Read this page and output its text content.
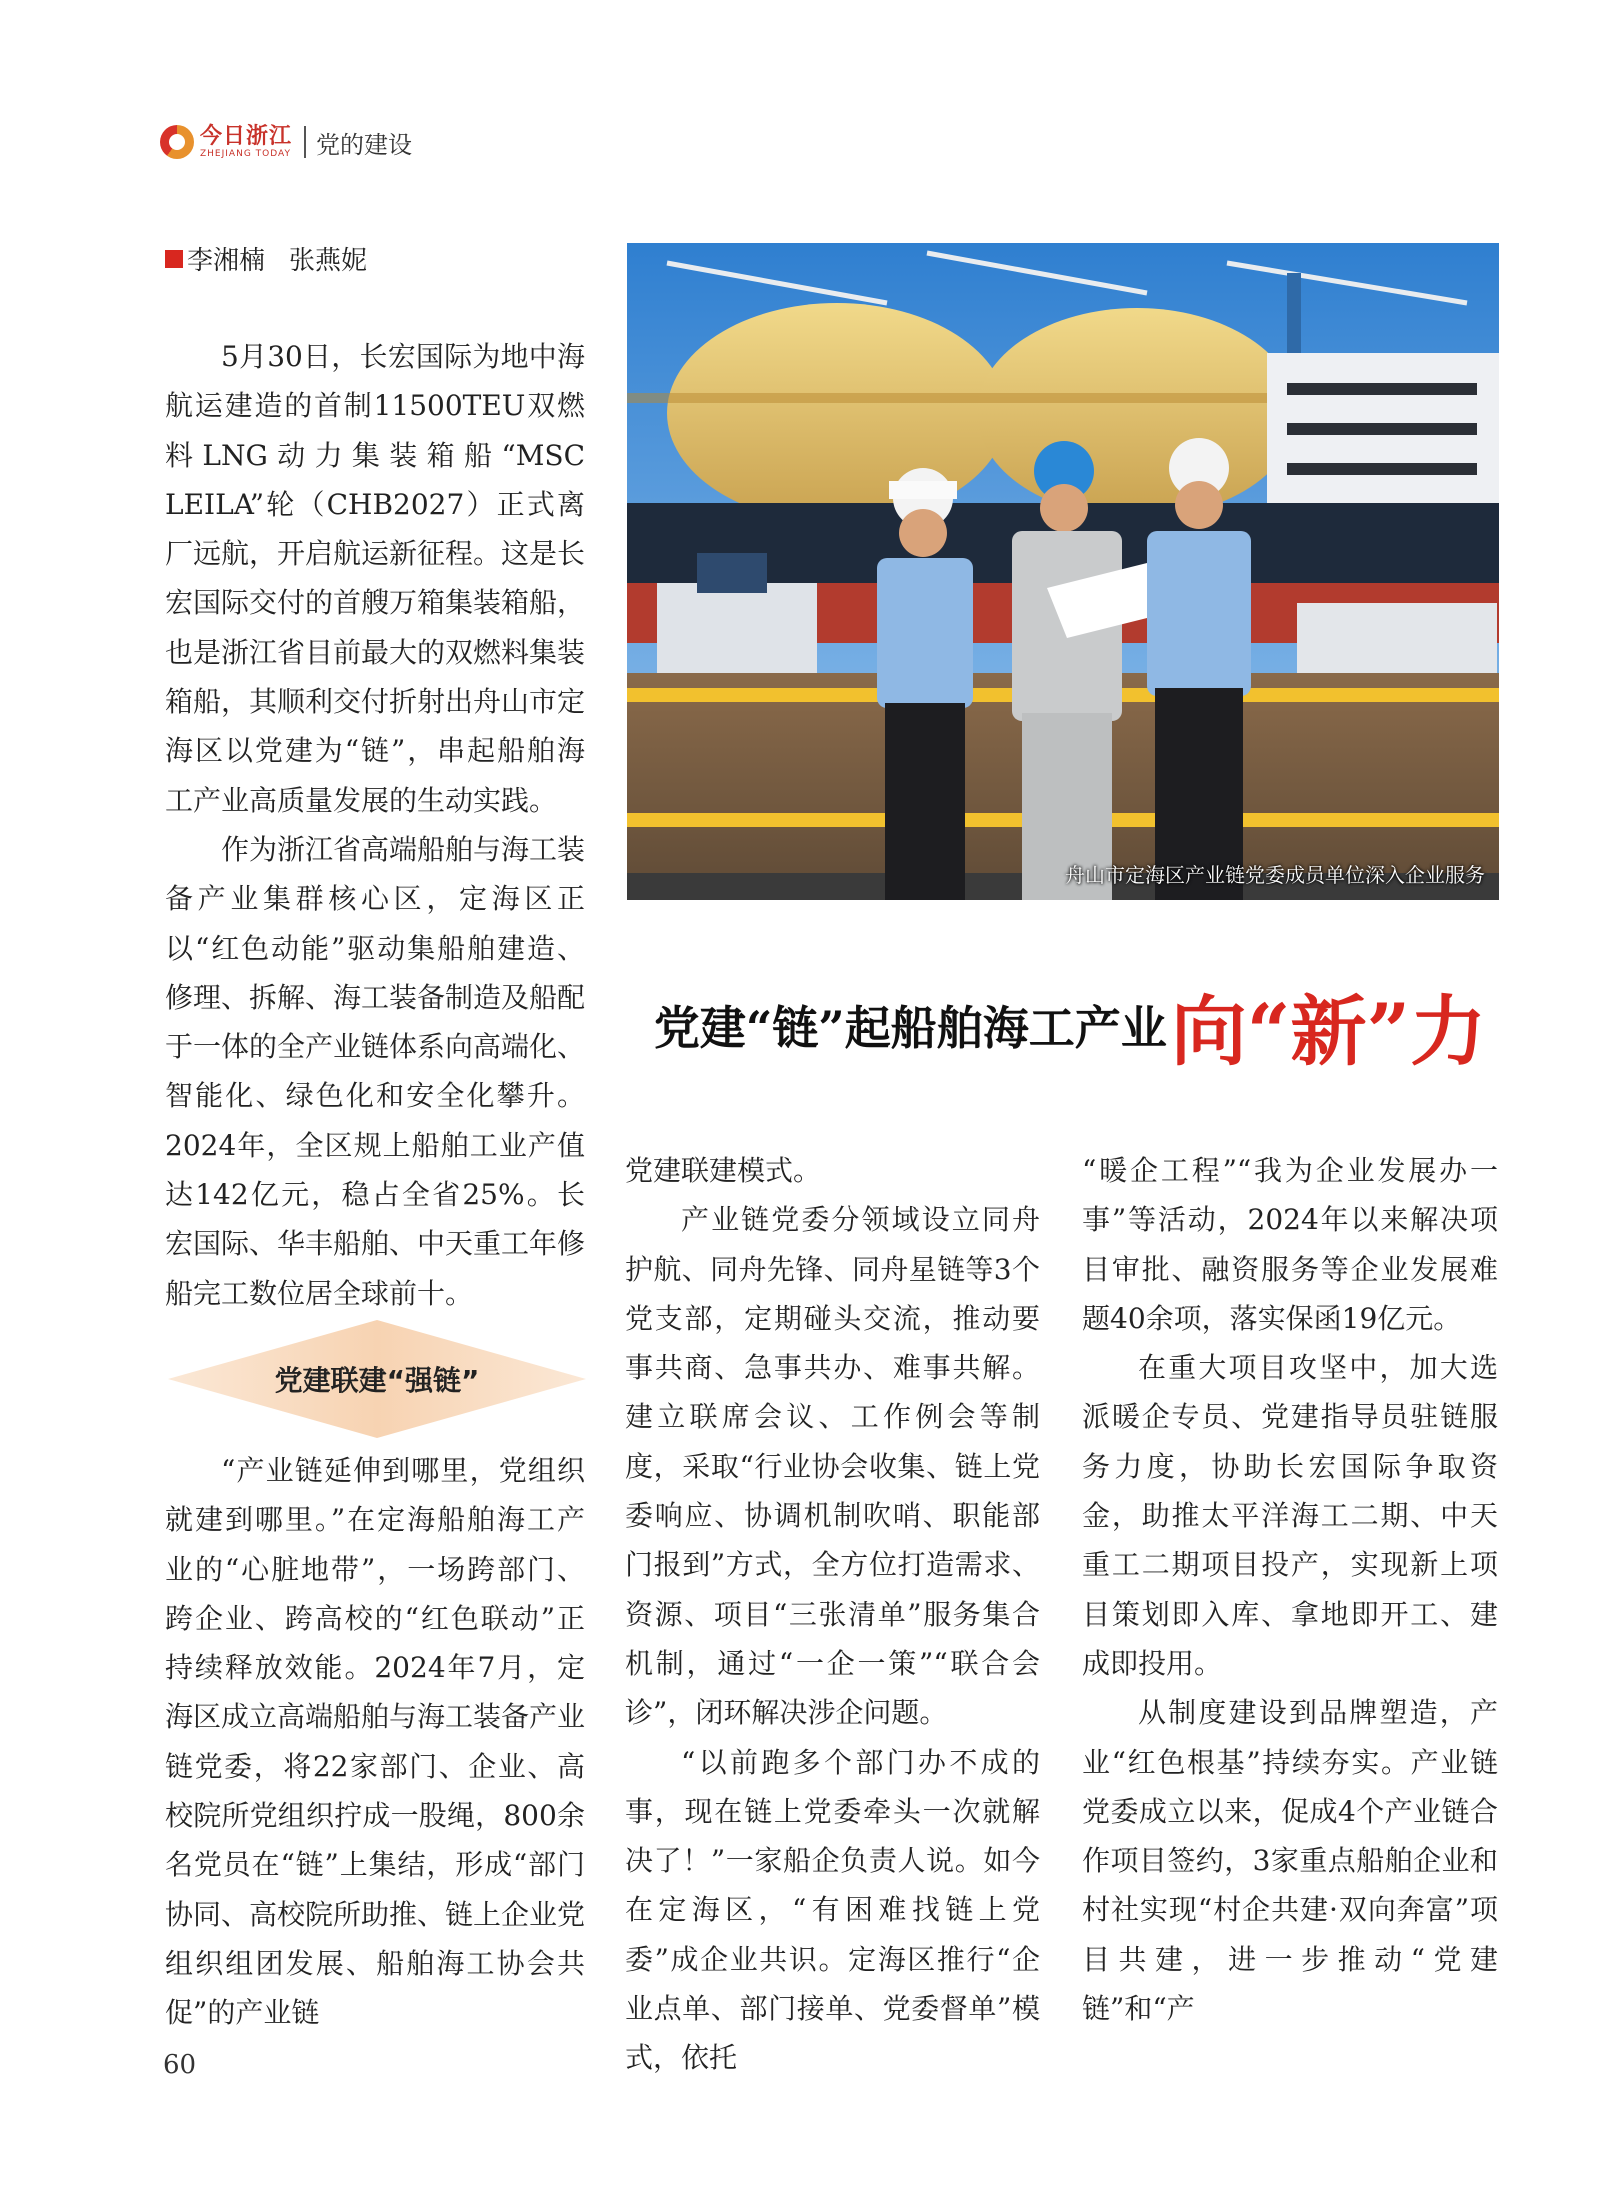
今日浙江
ZHEJIANG TODAY 党的建设
李湘楠 张燕妮

5月30日，长宏国际为地中海航运建造的首制11500TEU双燃料LNG动力集装箱船“MSC LEILA”轮（CHB2027）正式离厂远航，开启航运新征程。这是长宏国际交付的首艘万箱集装箱船，也是浙江省目前最大的双燃料集装箱船，其顺利交付折射出舟山市定海区以党建为“链”，串起船舶海工产业高质量发展的生动实践。

作为浙江省高端船舶与海工装备产业集群核心区，定海区正以“红色动能”驱动集船舶建造、修理、拆解、海工装备制造及船配于一体的全产业链体系向高端化、智能化、绿色化和安全化攀升。2024年，全区规上船舶工业产值达142亿元，稳占全省25%。长宏国际、华丰船舶、中天重工年修船完工数位居全球前十。

党建联建“强链”

“产业链延伸到哪里，党组织就建到哪里。”在定海船舶海工产业的“心脏地带”，一场跨部门、跨企业、跨高校的“红色联动”正持续释放效能。2024年7月，定海区成立高端船舶与海工装备产业链党委，将22家部门、企业、高校院所党组织拧成一股绳，800余名党员在“链”上集结，形成“部门协同、高校院所助推、链上企业党组织组团发展、船舶海工协会共促”的产业链

舟山市定海区产业链党委成员单位深入企业服务
党建“链”起船舶海工产业 向“新”力

党建联建模式。

产业链党委分领域设立同舟护航、同舟先锋、同舟星链等3个党支部，定期碰头交流，推动要事共商、急事共办、难事共解。建立联席会议、工作例会等制度，采取“行业协会收集、链上党委响应、协调机制吹哨、职能部门报到”方式，全方位打造需求、资源、项目“三张清单”服务集合机制，通过“一企一策”“联合会诊”，闭环解决涉企问题。

“以前跑多个部门办不成的事，现在链上党委牵头一次就解决了！”一家船企负责人说。如今在定海区，“有困难找链上党委”成企业共识。定海区推行“企业点单、部门接单、党委督单”模式，依托

“暖企工程”“我为企业发展办一事”等活动，2024年以来解决项目审批、融资服务等企业发展难题40余项，落实保函19亿元。

在重大项目攻坚中，加大选派暖企专员、党建指导员驻链服务力度，协助长宏国际争取资金，助推太平洋海工二期、中天重工二期项目投产，实现新上项目策划即入库、拿地即开工、建成即投用。

从制度建设到品牌塑造，产业“红色根基”持续夯实。产业链党委成立以来，促成4个产业链合作项目签约，3家重点船舶企业和村社实现“村企共建·双向奔富”项目共建，进一步推动“党建链”和“产

60
